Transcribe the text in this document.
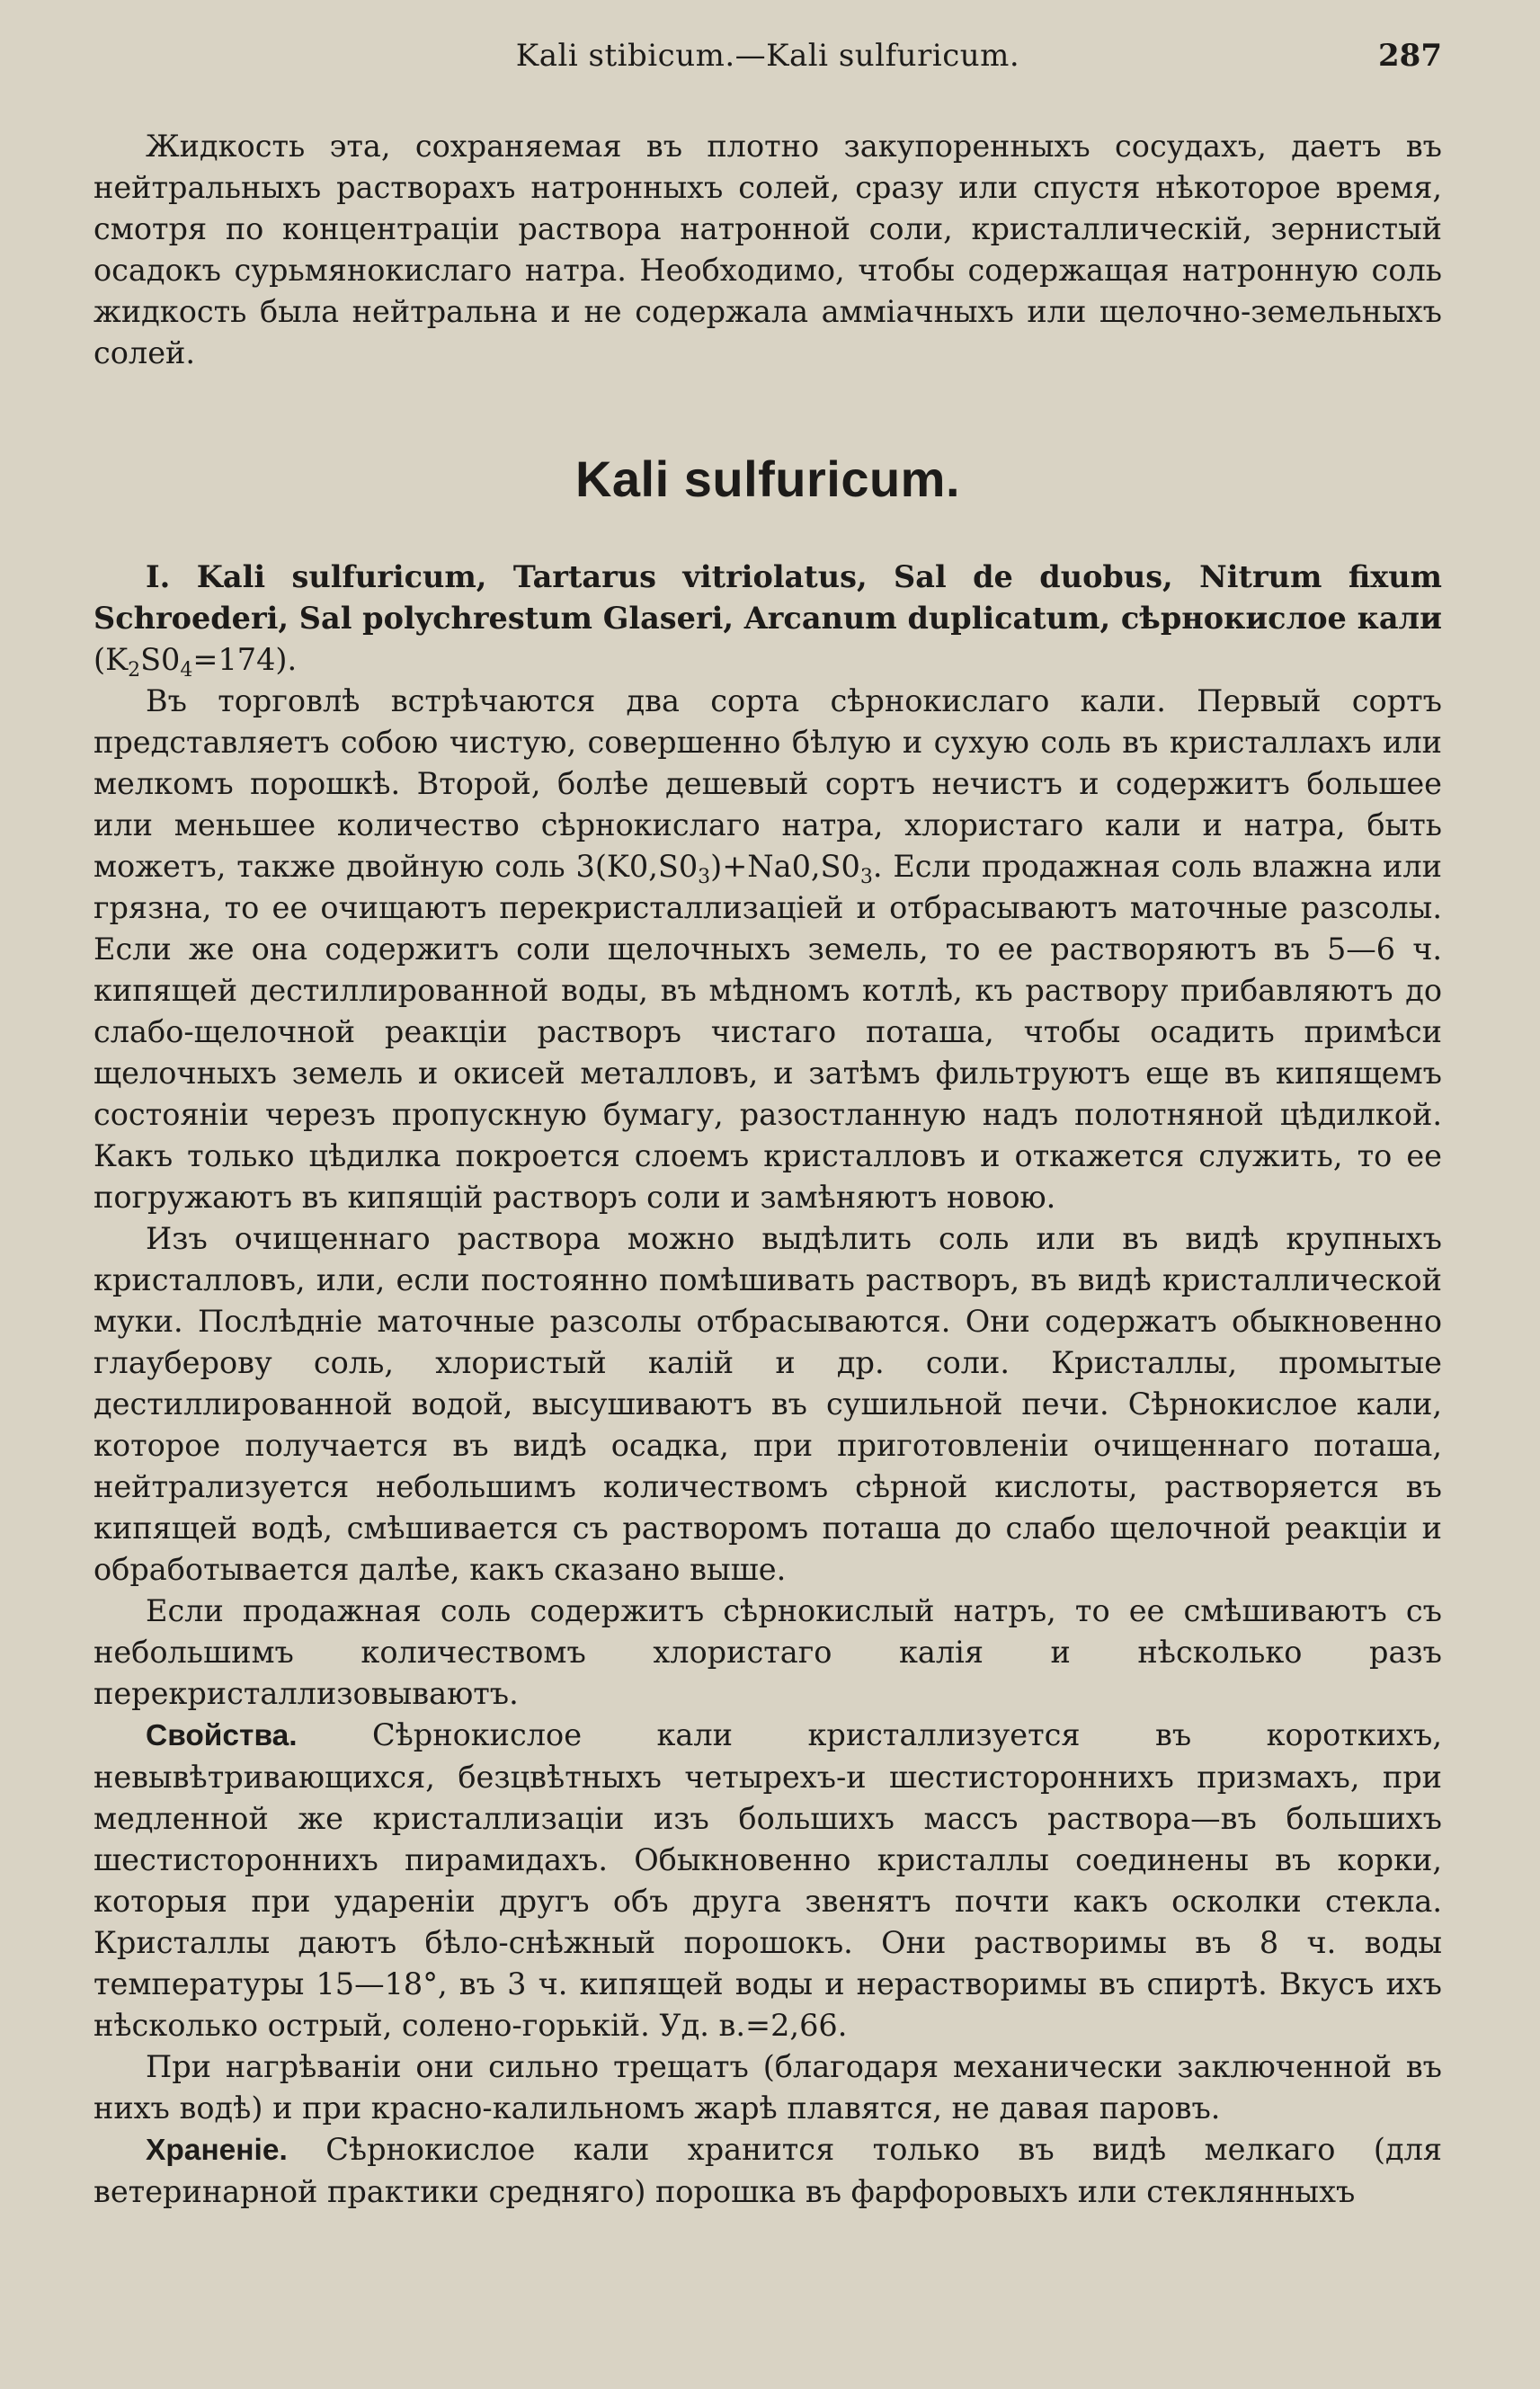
Kali stibicum.—Kali sulfuricum.	287

Жидкость эта, сохраняемая въ плотно закупоренныхъ сосудахъ, даетъ въ нейтральныхъ растворахъ натронныхъ солей, сразу или спустя нѣкоторое время, смотря по концентраціи раствора натронной соли, кристаллическій, зернистый осадокъ сурьмянокислаго натра. Необходимо, чтобы содержащая натронную соль жидкость была нейтральна и не содержала амміачныхъ или щелочно-земельныхъ солей.

Kali sulfuricum.

I. Kali sulfuricum, Tartarus vitriolatus, Sal de duobus, Nitrum fixum Schroederi, Sal polychrestum Glaseri, Arcanum duplicatum, сѣрнокислое кали $(K_2S0_4=174)$.

Въ торговлѣ встрѣчаются два сорта сѣрнокислаго кали. Первый сортъ представляетъ собою чистую, совершенно бѣлую и сухую соль въ кристаллахъ или мелкомъ порошкѣ. Второй, болѣе дешевый сортъ нечистъ и содержитъ большее или меньшее количество сѣрнокислаго натра, хлористаго кали и натра, быть можетъ, также двойную соль $3(K0,S0_3)+Na0,S0_3$. Если продажная соль влажна или грязна, то ее очищаютъ перекристаллизаціей и отбрасываютъ маточные разсолы. Если же она содержитъ соли щелочныхъ земель, то ее растворяютъ въ 5—6 ч. кипящей дестиллированной воды, въ мѣдномъ котлѣ, къ раствору прибавляютъ до слабо-щелочной реакціи растворъ чистаго поташа, чтобы осадить примѣси щелочныхъ земель и окисей металловъ, и затѣмъ фильтруютъ еще въ кипящемъ состояніи черезъ пропускную бумагу, разостланную надъ полотняной цѣдилкой. Какъ только цѣдилка покроется слоемъ кристалловъ и откажется служить, то ее погружаютъ въ кипящій растворъ соли и замѣняютъ новою.

Изъ очищеннаго раствора можно выдѣлить соль или въ видѣ крупныхъ кристалловъ, или, если постоянно помѣшивать растворъ, въ видѣ кристаллической муки. Послѣдніе маточные разсолы отбрасываются. Они содержатъ обыкновенно глауберову соль, хлористый калій и др. соли. Кристаллы, промытые дестиллированной водой, высушиваютъ въ сушильной печи. Сѣрнокислое кали, которое получается въ видѣ осадка, при приготовленіи очищеннаго поташа, нейтрализуется небольшимъ количествомъ сѣрной кислоты, растворяется въ кипящей водѣ, смѣшивается съ растворомъ поташа до слабо щелочной реакціи и обработывается далѣе, какъ сказано выше.

Если продажная соль содержитъ сѣрнокислый натръ, то ее смѣшиваютъ съ небольшимъ количествомъ хлористаго калія и нѣсколько разъ перекристаллизовываютъ.

Свойства. Сѣрнокислое кали кристаллизуется въ короткихъ, невывѣтривающихся, безцвѣтныхъ четырехъ-и шестисторонниxъ призмахъ, при медленной же кристаллизаціи изъ большихъ массъ раствора—въ большихъ шестисторонниxъ пирамидахъ. Обыкновенно кристаллы соединены въ корки, которыя при удареніи другъ объ друга звенятъ почти какъ осколки стекла. Кристаллы даютъ бѣло-снѣжный порошокъ. Они растворимы въ 8 ч. воды температуры 15—18°, въ 3 ч. кипящей воды и нерастворимы въ спиртѣ. Вкусъ ихъ нѣсколько острый, солено-горькій. Уд. в.=2,66.

При нагрѣваніи они сильно трещатъ (благодаря механически заключенной въ нихъ водѣ) и при красно-калильномъ жарѣ плавятся, не давая паровъ.

Храненіе. Сѣрнокислое кали хранится только въ видѣ мелкаго (для ветеринарной практики средняго) порошка въ фарфоровыхъ или стеклянныхъ
